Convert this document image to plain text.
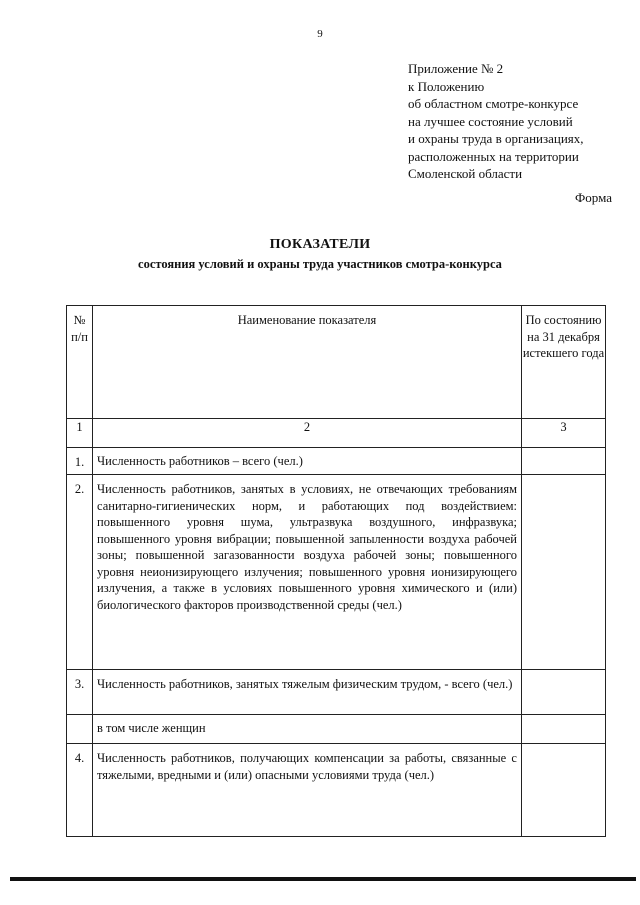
9
Приложение № 2
к Положению
об областном смотре-конкурсе
на лучшее состояние условий
и охраны труда в организациях,
расположенных на территории
Смоленской области
Форма
ПОКАЗАТЕЛИ
состояния условий и охраны труда участников смотра-конкурса
№ п/п	Наименование показателя	По состоянию на 31 декабря истекшего года

1	2	3

1.	Численность работников – всего (чел.)	

2.	Численность работников, занятых в условиях, не отвечающих требованиям санитарно-гигиенических норм, и работающих под воздействием: повышенного уровня шума, ультразвука воздушного, инфразвука; повышенного уровня вибрации; повышенной запыленности воздуха рабочей зоны; повышенной загазованности воздуха рабочей зоны; повышенного уровня неионизирующего излучения; повышенного уровня ионизирующего излучения, а также в условиях повышенного уровня химического и (или) биологического факторов производственной среды (чел.)	

3.	Численность работников, занятых тяжелым физическим трудом, - всего (чел.)	

	в том числе женщин	

4.	Численность работников, получающих компенсации за работы, связанные с тяжелыми, вредными и (или) опасными условиями труда (чел.)	
